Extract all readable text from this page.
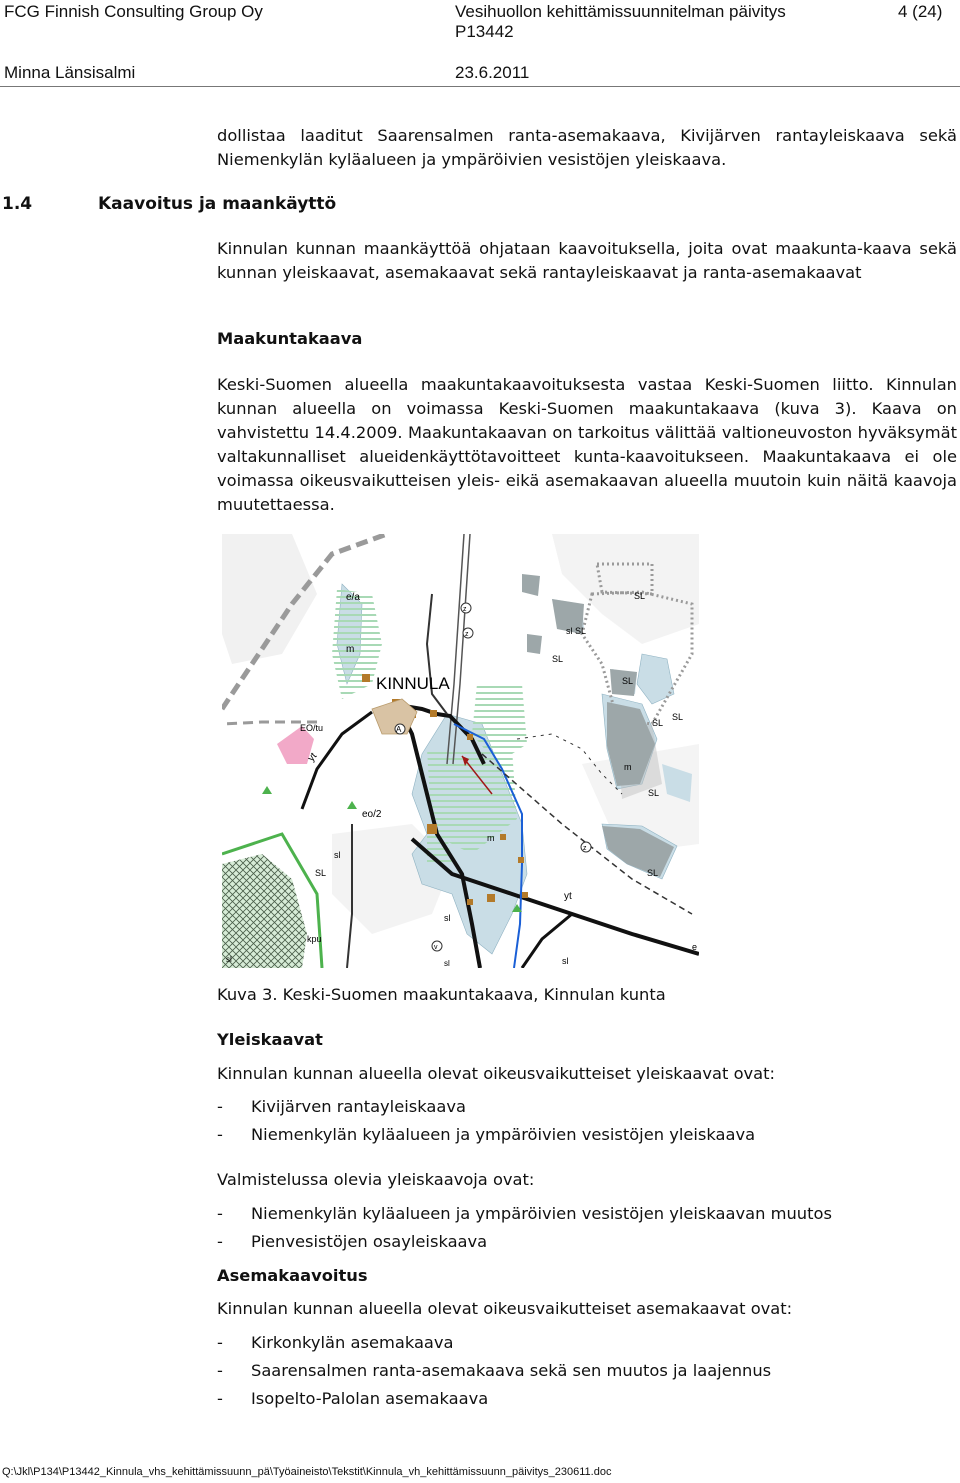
FCG Finnish Consulting Group Oy	Vesihuollon kehittämissuunnitelman päivitys	4 (24)
P13442
Minna Länsisalmi	23.6.2011

dollistaa laaditut Saarensalmen ranta-asemakaava, Kivijärven rantayleiskaava sekä Niemenkylän kyläalueen ja ympäröivien vesistöjen yleiskaava.

1.4	Kaavoitus ja maankäyttö

Kinnulan kunnan maankäyttöä ohjataan kaavoituksella, joita ovat maakunta-kaava sekä kunnan yleiskaavat, asemakaavat sekä rantayleiskaavat ja ranta-asemakaavat

Maakuntakaava

Keski-Suomen alueella maakuntakaavoituksesta vastaa Keski-Suomen liitto. Kinnulan kunnan alueella on voimassa Keski-Suomen maakuntakaava (kuva 3). Kaava on vahvistettu 14.4.2009. Maakuntakaavan on tarkoitus välittää valtioneuvoston hyväksymät valtakunnalliset alueidenkäyttötavoitteet kunta-kaavoitukseen. Maakuntakaava ei ole voimassa oikeusvaikutteisen yleis- eikä asemakaavan alueella muutoin kuin näitä kaavoja muutettaessa.

e/a
m
KINNULA
EO/tu
yt
eo/2
sl
SL
kpu
sl
SL
sl SL
SL
SL
SL
SL
m
SL
m
SL
yt
sl
sl
e
sl
v
z
z
z
A
Kuva 3. Keski-Suomen maakuntakaava, Kinnulan kunta
Yleiskaavat
Kinnulan kunnan alueella olevat oikeusvaikutteiset yleiskaavat ovat:
- Kivijärven rantayleiskaava
- Niemenkylän kyläalueen ja ympäröivien vesistöjen yleiskaava
Valmistelussa olevia yleiskaavoja ovat:
- Niemenkylän kyläalueen ja ympäröivien vesistöjen yleiskaavan muutos
- Pienvesistöjen osayleiskaava
Asemakaavoitus
Kinnulan kunnan alueella olevat oikeusvaikutteiset asemakaavat ovat:
- Kirkonkylän asemakaava
- Saarensalmen ranta-asemakaava sekä sen muutos ja laajennus
- Isopelto-Palolan asemakaava
Q:\Jkl\P134\P13442_Kinnula_vhs_kehittämissuunn_pä\Työaineisto\Tekstit\Kinnula_vh_kehittämissuunn_päivitys_230611.doc
